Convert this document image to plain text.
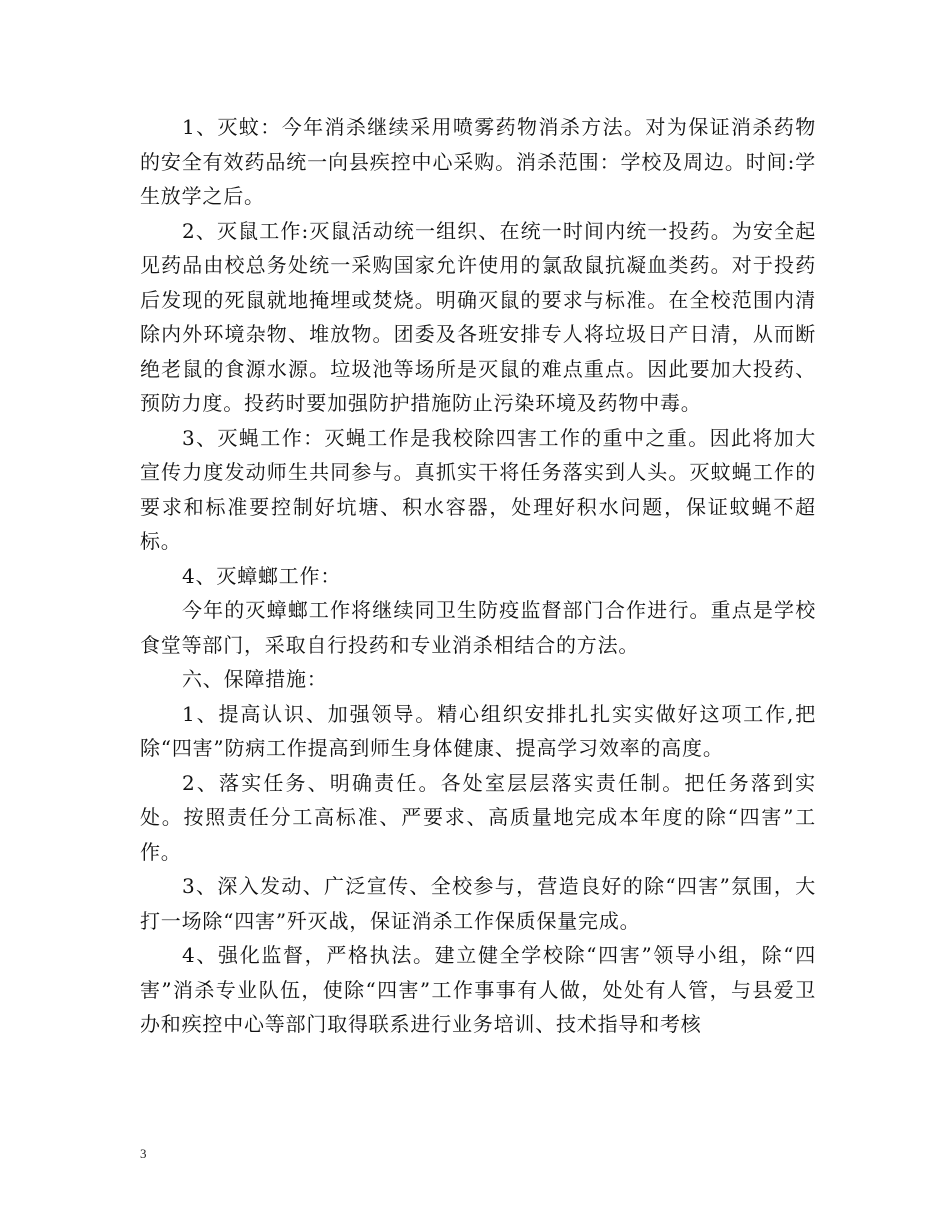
1、灭蚊：今年消杀继续采用喷雾药物消杀方法。对为保证消杀药物的安全有效药品统一向县疾控中心采购。消杀范围：学校及周边。时间:学生放学之后。

2、灭鼠工作:灭鼠活动统一组织、在统一时间内统一投药。为安全起见药品由校总务处统一采购国家允许使用的氯敌鼠抗凝血类药。对于投药后发现的死鼠就地掩埋或焚烧。明确灭鼠的要求与标准。在全校范围内清除内外环境杂物、堆放物。团委及各班安排专人将垃圾日产日清，从而断绝老鼠的食源水源。垃圾池等场所是灭鼠的难点重点。因此要加大投药、预防力度。投药时要加强防护措施防止污染环境及药物中毒。

3、灭蝇工作：灭蝇工作是我校除四害工作的重中之重。因此将加大宣传力度发动师生共同参与。真抓实干将任务落实到人头。灭蚊蝇工作的要求和标准要控制好坑塘、积水容器，处理好积水问题，保证蚊蝇不超标。

4、灭蟑螂工作：

今年的灭蟑螂工作将继续同卫生防疫监督部门合作进行。重点是学校食堂等部门，采取自行投药和专业消杀相结合的方法。

六、保障措施：

1、提高认识、加强领导。精心组织安排扎扎实实做好这项工作,把除“四害”防病工作提高到师生身体健康、提高学习效率的高度。

2、落实任务、明确责任。各处室层层落实责任制。把任务落到实处。按照责任分工高标准、严要求、高质量地完成本年度的除“四害”工作。

3、深入发动、广泛宣传、全校参与，营造良好的除“四害”氛围，大打一场除“四害”歼灭战，保证消杀工作保质保量完成。

4、强化监督，严格执法。建立健全学校除“四害”领导小组，除“四害”消杀专业队伍，使除“四害”工作事事有人做，处处有人管，与县爱卫办和疾控中心等部门取得联系进行业务培训、技术指导和考核

3
